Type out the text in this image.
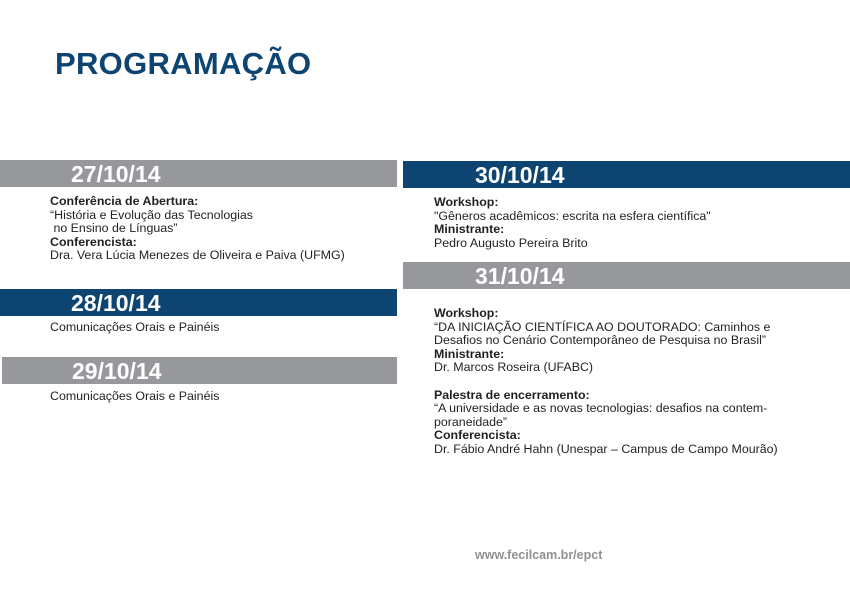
PROGRAMAÇÃO
27/10/14
Conferência de Abertura:

“História e Evolução das Tecnologias

no Ensino de Línguas”

Conferencista:

Dra. Vera Lúcia Menezes de Oliveira e Paiva (UFMG)

28/10/14

Comunicações Orais e Painéis

29/10/14

Comunicações Orais e Painéis

30/10/14
Workshop:

"Gêneros acadêmicos: escrita na esfera científica"

Ministrante:

Pedro Augusto Pereira Brito

31/10/14
Workshop:

“DA INICIAÇÃO CIENTÍFICA AO DOUTORADO: Caminhos e

Desafios no Cenário Contemporâneo de Pesquisa no Brasil”

Ministrante:

Dr. Marcos Roseira (UFABC)

Palestra de encerramento:

“A universidade e as novas tecnologias: desafios na contem-

poraneidade”

Conferencista:

Dr. Fábio André Hahn (Unespar – Campus de Campo Mourão)

www.fecilcam.br/epct
